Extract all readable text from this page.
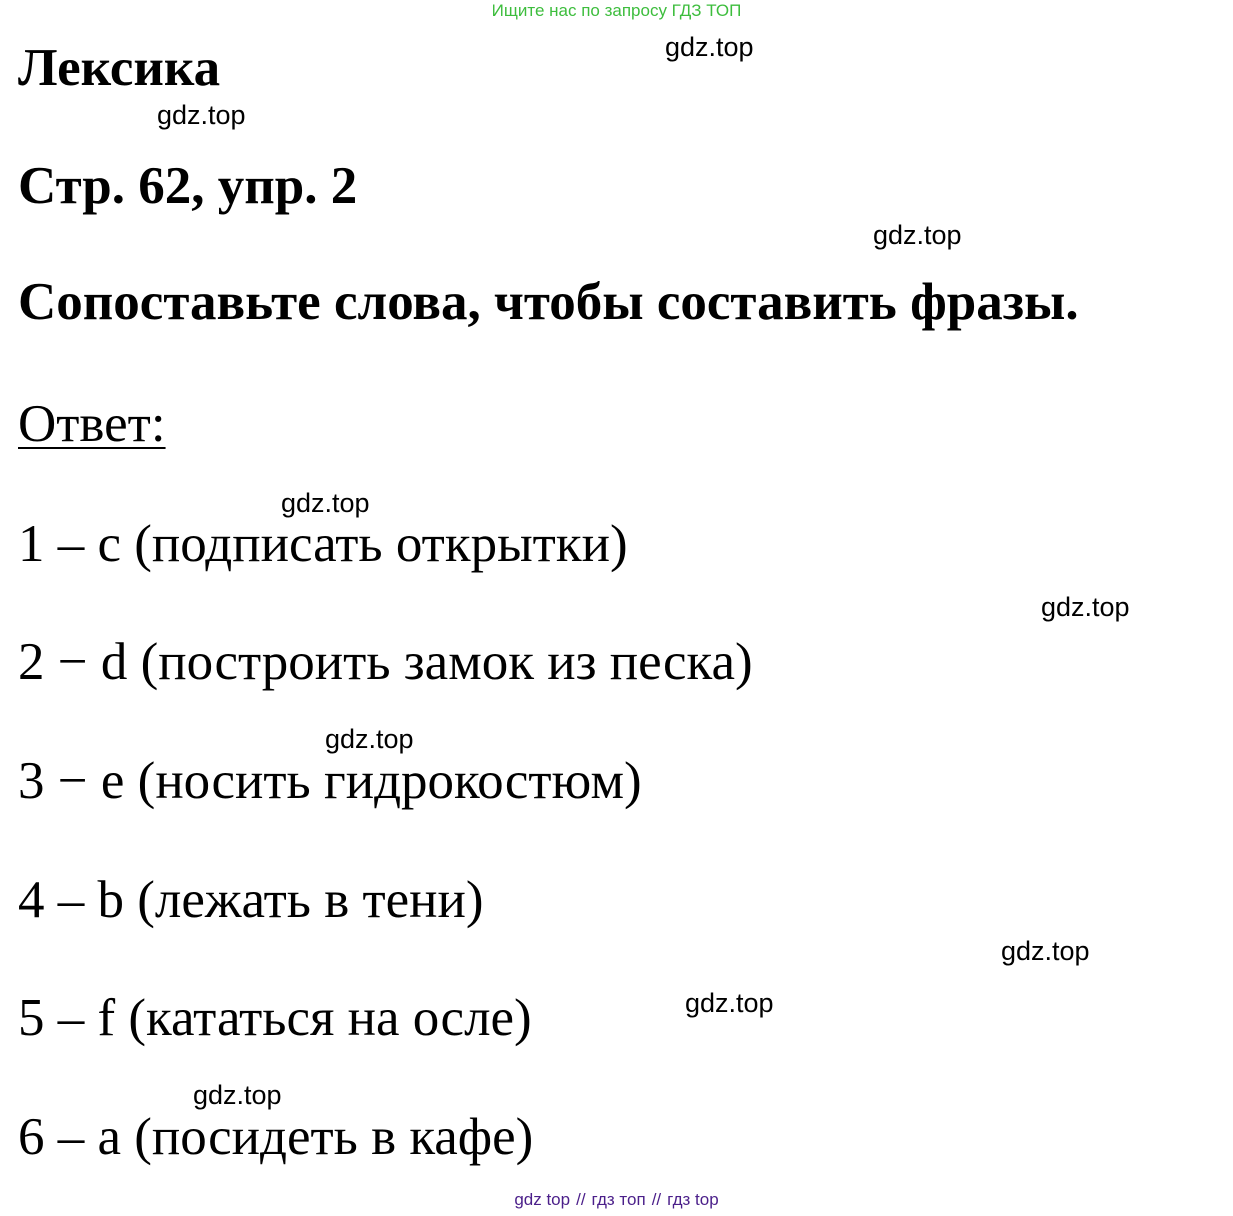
Ищите нас по запросу ГДЗ ТОП
Лексика
Стр. 62, упр. 2
Сопоставьте слова, чтобы составить фразы.
Ответ:
1 – c (подписать открытки)
2 − d (построить замок из песка)
3 − e (носить гидрокостюм)
4 – b (лежать в тени)
5 – f (кататься на осле)
6 – a (посидеть в кафе)
gdz.top
gdz.top
gdz.top
gdz.top
gdz.top
gdz.top
gdz.top
gdz.top
gdz.top
gdz top // гдз топ // гдз top
